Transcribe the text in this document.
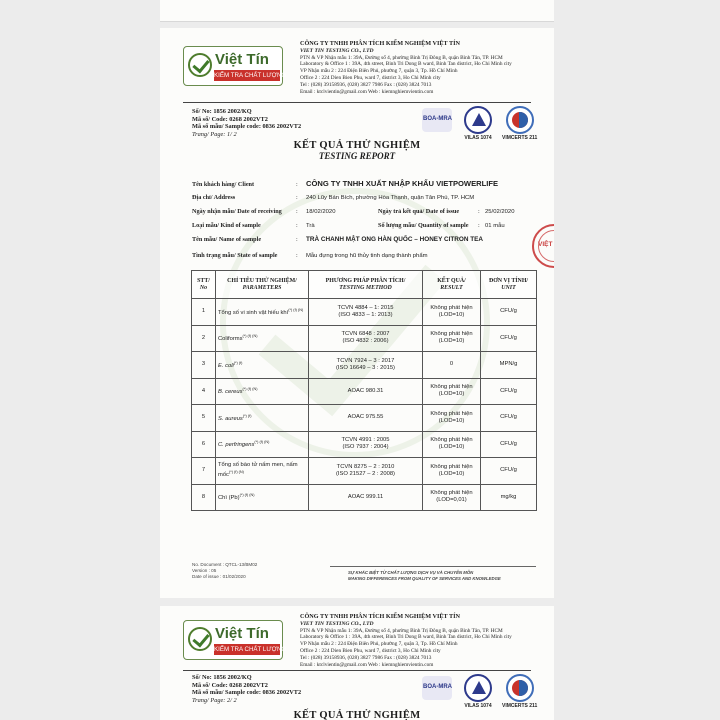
Việt Tín
KIỂM TRA CHẤT LƯỢNG
CÔNG TY TNHH PHÂN TÍCH KIỂM NGHIỆM VIỆT TÍN
VIET TIN TESTING CO., LTD
PTN & VP Nhận mẫu 1: 39A, Đường số 4, phường Bình Trị Đông B, quận Bình Tân, TP. HCM
Laboratory & Office 1 : 39A, 4th street, Binh Tri Dong B ward, Binh Tan district, Ho Chi Minh city
VP Nhận mẫu 2 : 224 Điện Biên Phủ, phường 7, quận 3, Tp. Hồ Chí Minh
Office 2 : 224 Dien Bien Phu, ward 7, district 3, Ho Chi Minh city
Tel : (028) 39158936, (028) 3827 7986 Fax : (028) 3824 7013
Email : ktclvientin@gmail.com Web : kiemnghiemvientin.com
Số/ No: 1856 2002/KQ
Mã số/ Code: 0268 2002VT2
Mã số mẫu/ Sample code: 0836 2002VT2
Trang/ Page: 1/ 2
BOA-MRA
VILAS 1074 VIMCERTS 211
KẾT QUẢ THỬ NGHIỆM
TESTING REPORT
Tên khách hàng/ Client	: CÔNG TY TNHH XUẤT NHẬP KHẨU VIETPOWERLIFE
Địa chỉ/ Address	: 240 Lũy Bán Bích, phường Hòa Thạnh, quận Tân Phú, TP. HCM
Ngày nhận mẫu/ Date of receiving : 18/02/2020	Ngày trả kết quả/ Date of issue	: 25/02/2020
Loại mẫu/ Kind of sample	: Trà	Số lượng mẫu/ Quantity of sample : 01 mẫu
Tên mẫu/ Name of sample	: TRÀ CHANH MẬT ONG HÀN QUỐC – HONEY CITRON TEA
Tình trạng mẫu/ State of sample	: Mẫu đựng trong hũ thủy tinh dạng thành phẩm
STT/
No	CHỈ TIÊU THỬ NGHIỆM/
PARAMETERS	PHƯƠNG PHÁP PHÂN TÍCH/
TESTING METHOD	KẾT QUẢ/
RESULT	ĐƠN VỊ TÍNH/
UNIT
1	Tổng số vi sinh vật hiếu khí$^{(*) (f) (N)}$	TCVN 4884 – 1: 2015
(ISO 4833 – 1: 2013)	Không phát hiện
(LOD=10)	CFU/g
2	Coliforms$^{(*) (f) (N)}$	TCVN 6848 : 2007
(ISO 4832 : 2006)	Không phát hiện
(LOD=10)	CFU/g
3	E. coli$^{(*) (f)}$	TCVN 7924 – 3 : 2017
(ISO 16649 – 3 : 2015)	0	MPN/g
4	B. cereus$^{(*) (f) (N)}$	AOAC 980.31	Không phát hiện
(LOD=10)	CFU/g
5	S. aureus$^{(*) (f)}$	AOAC 975.55	Không phát hiện
(LOD=10)	CFU/g
6	C. perfringens$^{(*) (f) (N)}$	TCVN 4991 : 2005
(ISO 7937 : 2004)	Không phát hiện
(LOD=10)	CFU/g
7	Tổng số bào tử nấm men, nấm mốc$^{(*) (f) (N)}$	TCVN 8275 – 2 : 2010
(ISO 21527 – 2 : 2008)	Không phát hiện
(LOD=10)	CFU/g
8	Chì $(Pb)^{(*) (f) (N)}$	AOAC 999.11	Không phát hiện
(LOD=0,01)	mg/kg
VIỆT
No. Document : QTCL-13/BM02
Version : 05
Date of issue : 01/02/2020
SỰ KHÁC BIỆT TỪ CHẤT LƯỢNG DỊCH VỤ VÀ CHUYÊN MÔN
MAKING DIFFERENCES FROM QUALITY OF SERVICES AND KNOWLEDGE
Việt Tín
KIỂM TRA CHẤT LƯỢNG
CÔNG TY TNHH PHÂN TÍCH KIỂM NGHIỆM VIỆT TÍN
VIET TIN TESTING CO., LTD
PTN & VP Nhận mẫu 1: 39A, Đường số 4, phường Bình Trị Đông B, quận Bình Tân, TP. HCM
Laboratory & Office 1 : 39A, 4th street, Binh Tri Dong B ward, Binh Tan district, Ho Chi Minh city
VP Nhận mẫu 2 : 224 Điện Biên Phủ, phường 7, quận 3, Tp. Hồ Chí Minh
Office 2 : 224 Dien Bien Phu, ward 7, district 3, Ho Chi Minh city
Tel : (028) 39158936, (028) 3827 7986 Fax : (028) 3824 7013
Email : ktclvientin@gmail.com Web : kiemnghiemvientin.com
Số/ No: 1856 2002/KQ
Mã số/ Code: 0268 2002VT2
Mã số mẫu/ Sample code: 0836 2002VT2
Trang/ Page: 2/ 2
BOA-MRA
VILAS 1074 VIMCERTS 211
KẾT QUẢ THỬ NGHIỆM
